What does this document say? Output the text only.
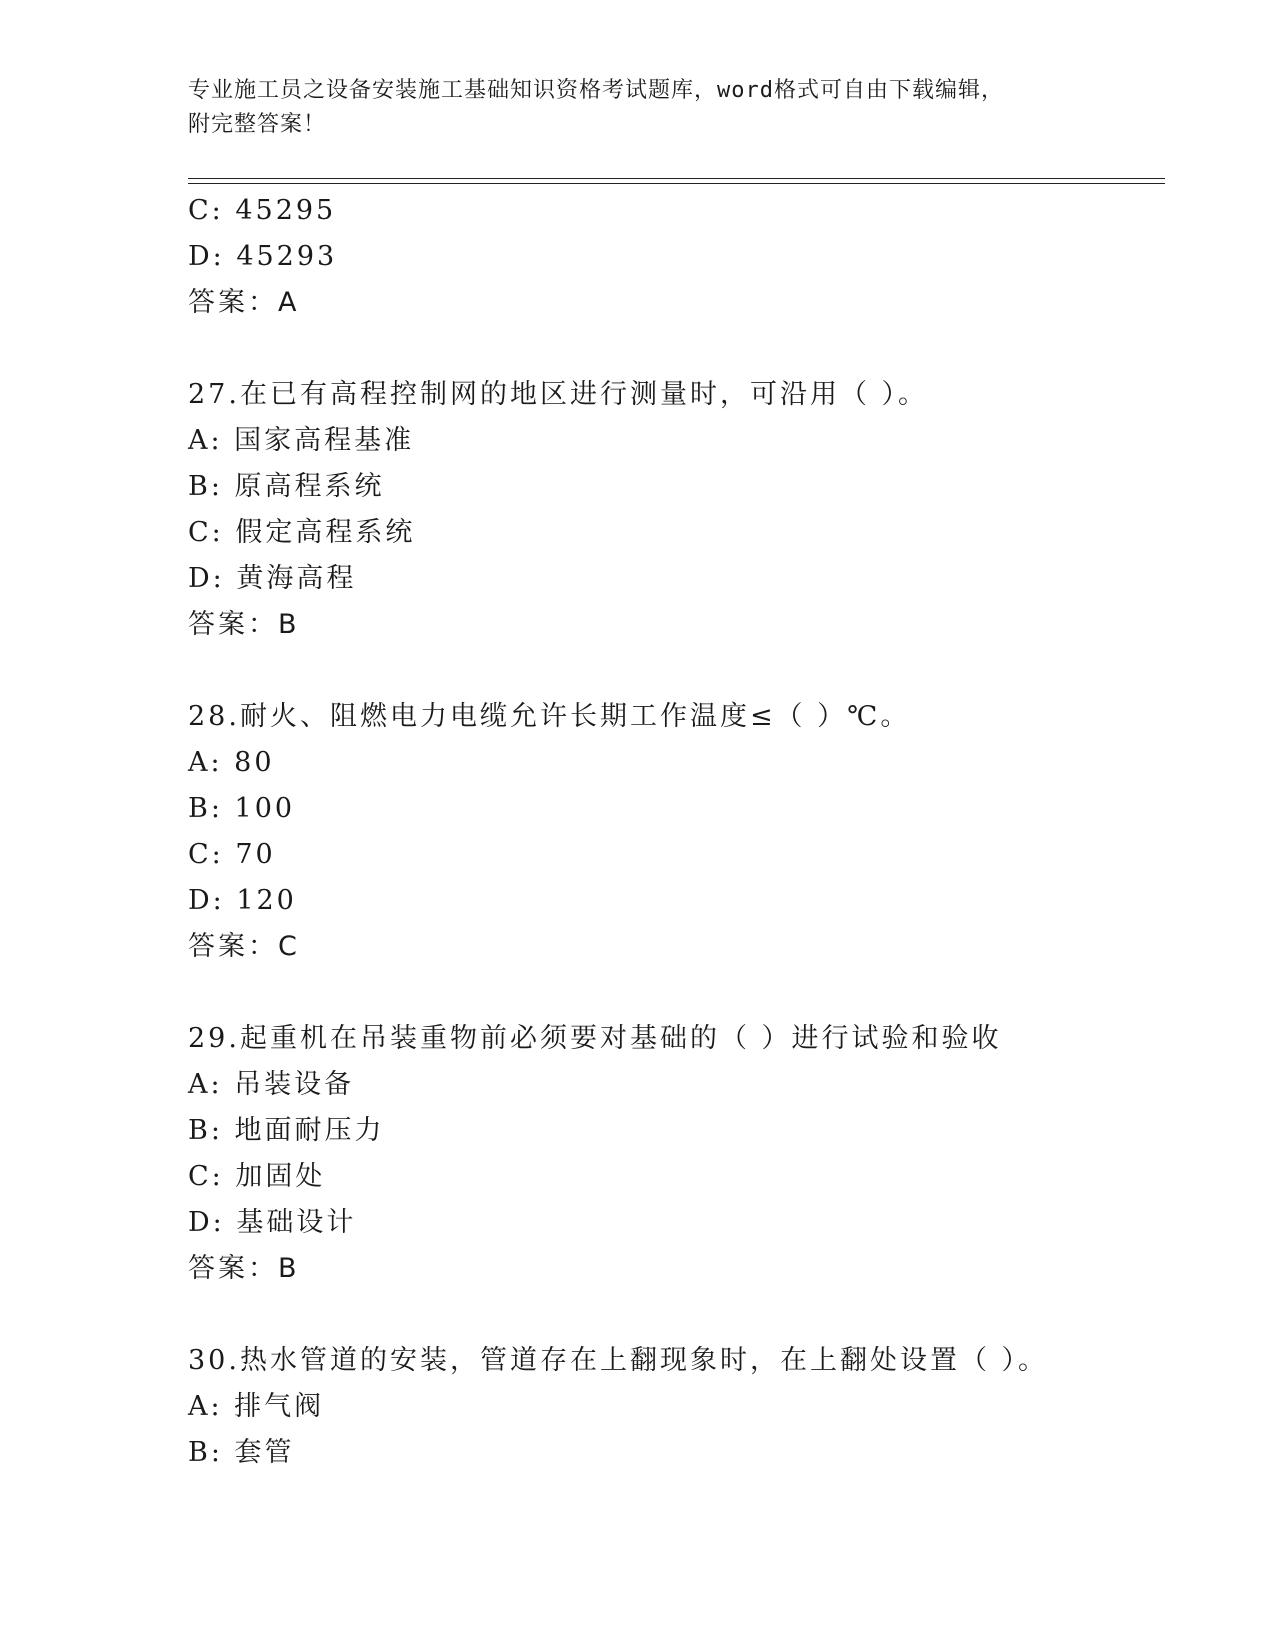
专业施工员之设备安装施工基础知识资格考试题库，word格式可自由下载编辑，
附完整答案！
C: 45295
D: 45293
答案：A
27.在已有高程控制网的地区进行测量时，可沿用（ ）。
A: 国家高程基准
B: 原高程系统
C: 假定高程系统
D: 黄海高程
答案：B
28.耐火、阻燃电力电缆允许长期工作温度≤（ ）℃。
A: 80
B: 100
C: 70
D: 120
答案：C
29.起重机在吊装重物前必须要对基础的（ ）进行试验和验收
A: 吊装设备
B: 地面耐压力
C: 加固处
D: 基础设计
答案：B
30.热水管道的安装，管道存在上翻现象时，在上翻处设置（ ）。
A: 排气阀
B: 套管
